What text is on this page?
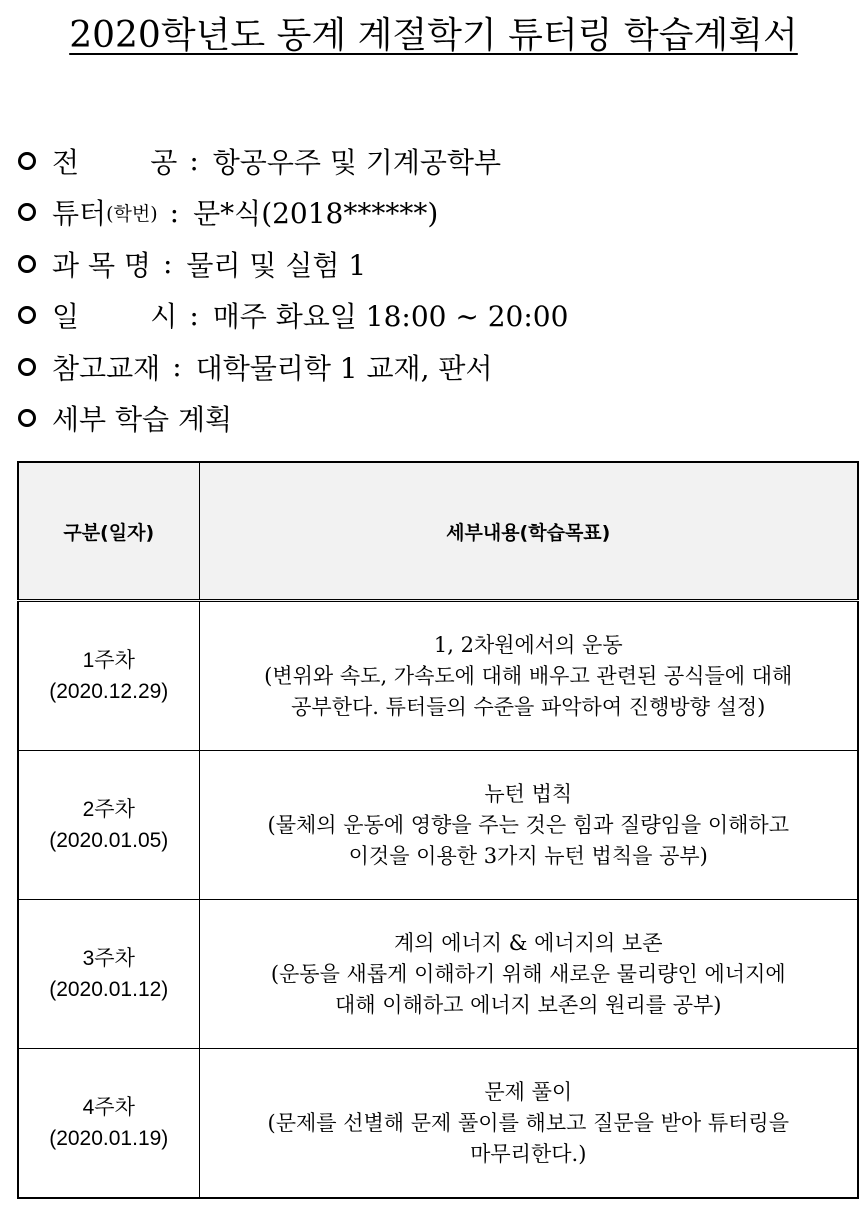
2020학년도 동계 계절학기 튜터링 학습계획서
전        공 : 항공우주 및 기계공학부
튜터 (학번) : 문*식(2018******)
과 목 명 : 물리 및 실험 1
일        시 : 매주 화요일 18:00 ~ 20:00
참고교재 : 대학물리학 1 교재, 판서
세부 학습 계획
구분(일자)	세부내용(학습목표)

1주차
(2020.12.29)	1, 2차원에서의 운동
(변위와 속도, 가속도에 대해 배우고 관련된 공식들에 대해
공부한다. 튜터들의 수준을 파악하여 진행방향 설정)

2주차
(2020.01.05)	뉴턴 법칙
(물체의 운동에 영향을 주는 것은 힘과 질량임을 이해하고
이것을 이용한 3가지 뉴턴 법칙을 공부)

3주차
(2020.01.12)	계의 에너지 & 에너지의 보존
(운동을 새롭게 이해하기 위해 새로운 물리량인 에너지에
대해 이해하고 에너지 보존의 원리를 공부)

4주차
(2020.01.19)	문제 풀이
(문제를 선별해 문제 풀이를 해보고 질문을 받아 튜터링을
마무리한다.)
